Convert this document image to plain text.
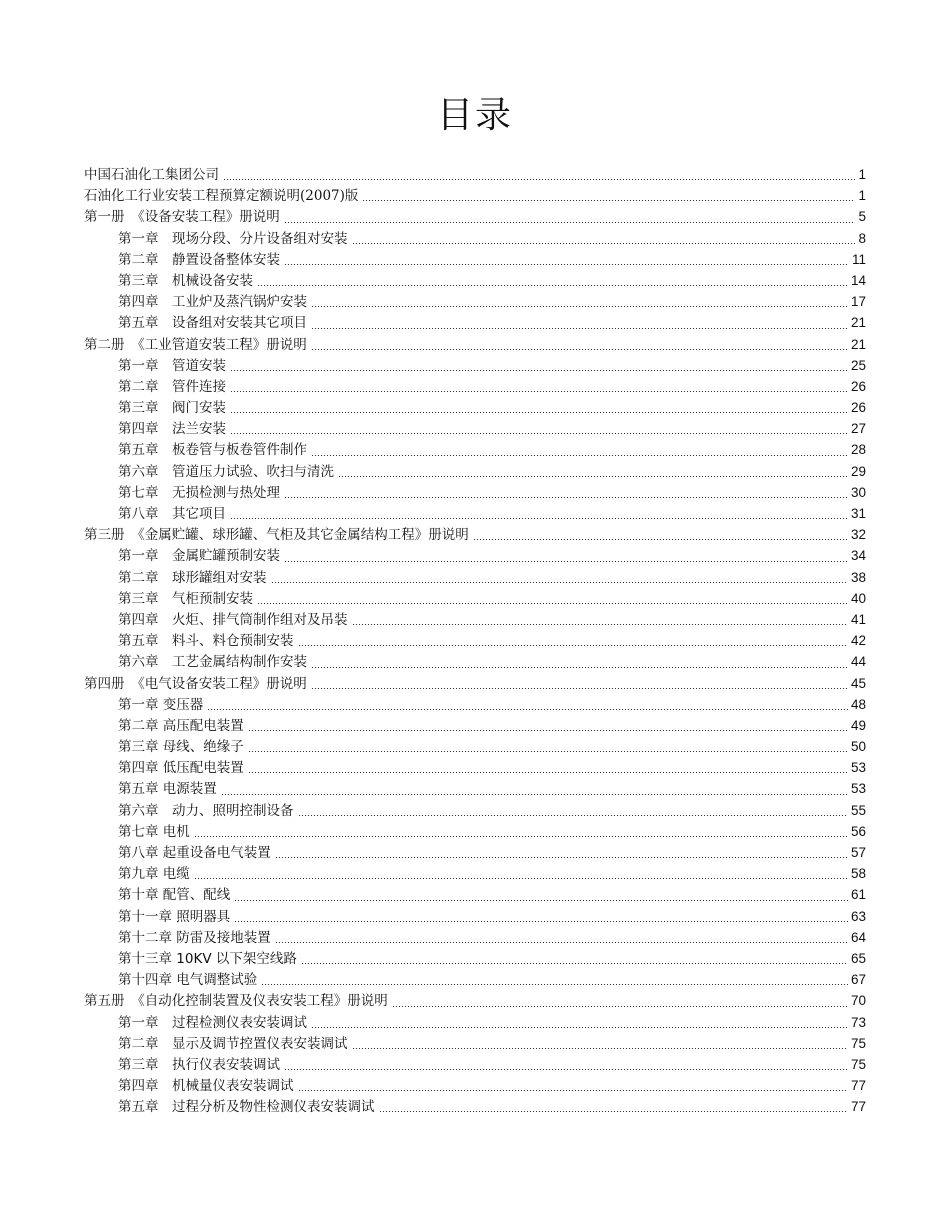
目录
中国石油化工集团公司	1
石油化工行业安装工程预算定额说明(2007)版	1
第一册　《设备安装工程》册说明	5
第一章　现场分段、分片设备组对安装	8
第二章　静置设备整体安装	11
第三章　机械设备安装	14
第四章　工业炉及蒸汽锅炉安装	17
第五章　设备组对安装其它项目	21
第二册　《工业管道安装工程》册说明	21
第一章　管道安装	25
第二章　管件连接	26
第三章　阀门安装	26
第四章　法兰安装	27
第五章　板卷管与板卷管件制作	28
第六章　管道压力试验、吹扫与清洗	29
第七章　无损检测与热处理	30
第八章　其它项目	31
第三册　《金属贮罐、球形罐、气柜及其它金属结构工程》册说明	32
第一章　金属贮罐预制安装	34
第二章　球形罐组对安装	38
第三章　气柜预制安装	40
第四章　火炬、排气筒制作组对及吊装	41
第五章　料斗、料仓预制安装	42
第六章　工艺金属结构制作安装	44
第四册　《电气设备安装工程》册说明	45
第一章 变压器	48
第二章 高压配电装置	49
第三章 母线、绝缘子	50
第四章 低压配电装置	53
第五章 电源装置	53
第六章　动力、照明控制设备	55
第七章 电机	56
第八章 起重设备电气装置	57
第九章 电缆	58
第十章 配管、配线	61
第十一章 照明器具	63
第十二章 防雷及接地装置	64
第十三章 10KV 以下架空线路	65
第十四章 电气调整试验	67
第五册　《自动化控制装置及仪表安装工程》册说明	70
第一章　过程检测仪表安装调试	73
第二章　显示及调节控置仪表安装调试	75
第三章　执行仪表安装调试	75
第四章　机械量仪表安装调试	77
第五章　过程分析及物性检测仪表安装调试	77
